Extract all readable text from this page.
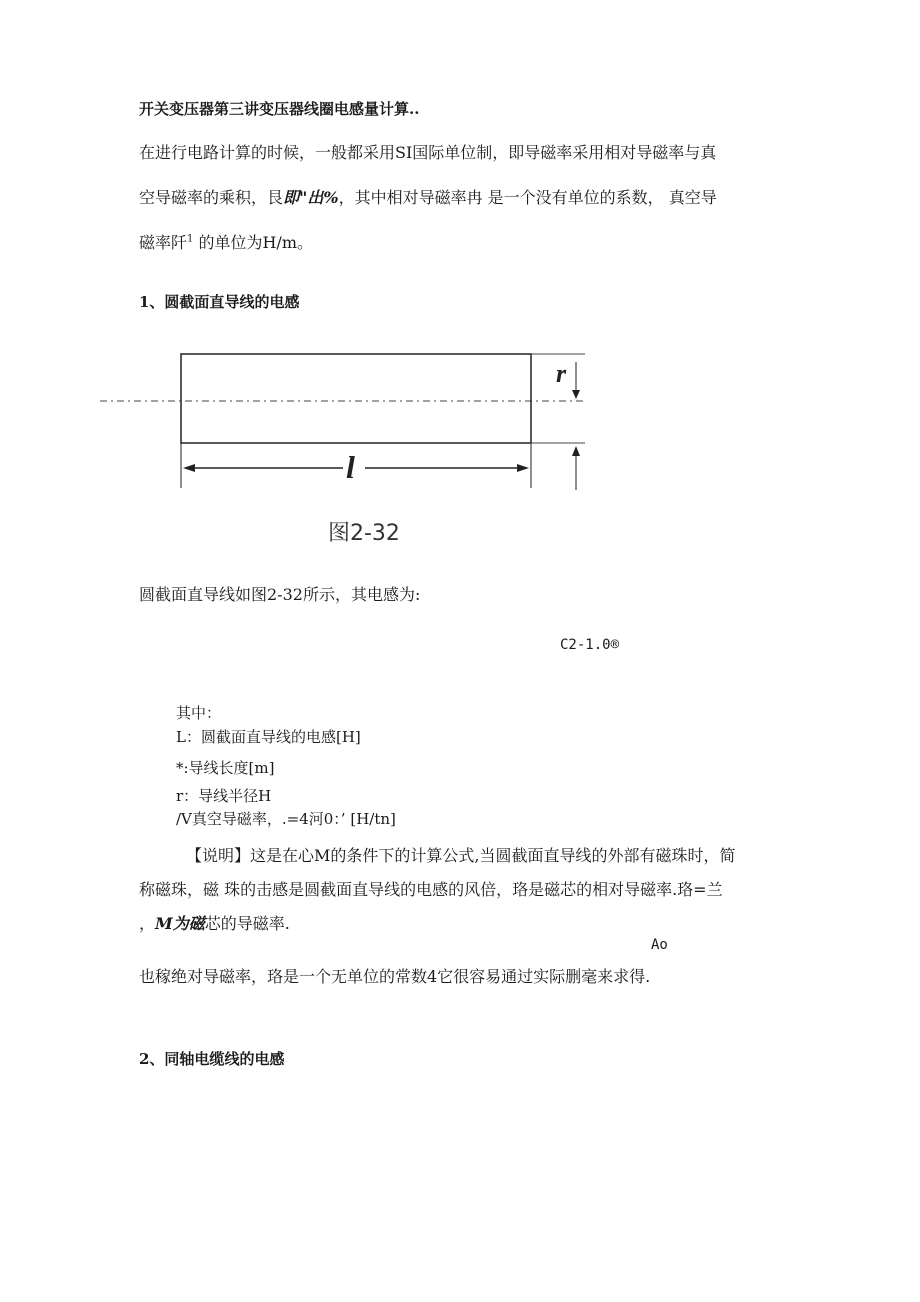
开关变压器第三讲变压器线圈电感量计算..
在进行电路计算的时候，一般都采用SI国际单位制，即导磁率采用相对导磁率与真
空导磁率的乘积，艮即"出%，其中相对导磁率冉 是一个没有单位的系数， 真空导
磁率阡$^1$ 的单位为H/m。
1、圆截面直导线的电感
r
l
图2-32
圆截面直导线如图2-32所示，其电感为:
C2-1.0®
其中：
L：圆截面直导线的电感[H]
*:导线长度[m]
r：导线半径H
/V真空导磁率，.=4河0：’ [H/tn]
【说明】这是在心M的条件下的计算公式,当圆截面直导线的外部有磁珠时，简
称磁珠，磁 珠的击感是圆截面直导线的电感的风倍，珞是磁芯的相对导磁率.珞=兰
，M为磁芯的导磁率.
Ao
也稼绝对导磁率，珞是一个无单位的常数4它很容易通过实际删毫来求得.
2、同轴电缆线的电感
